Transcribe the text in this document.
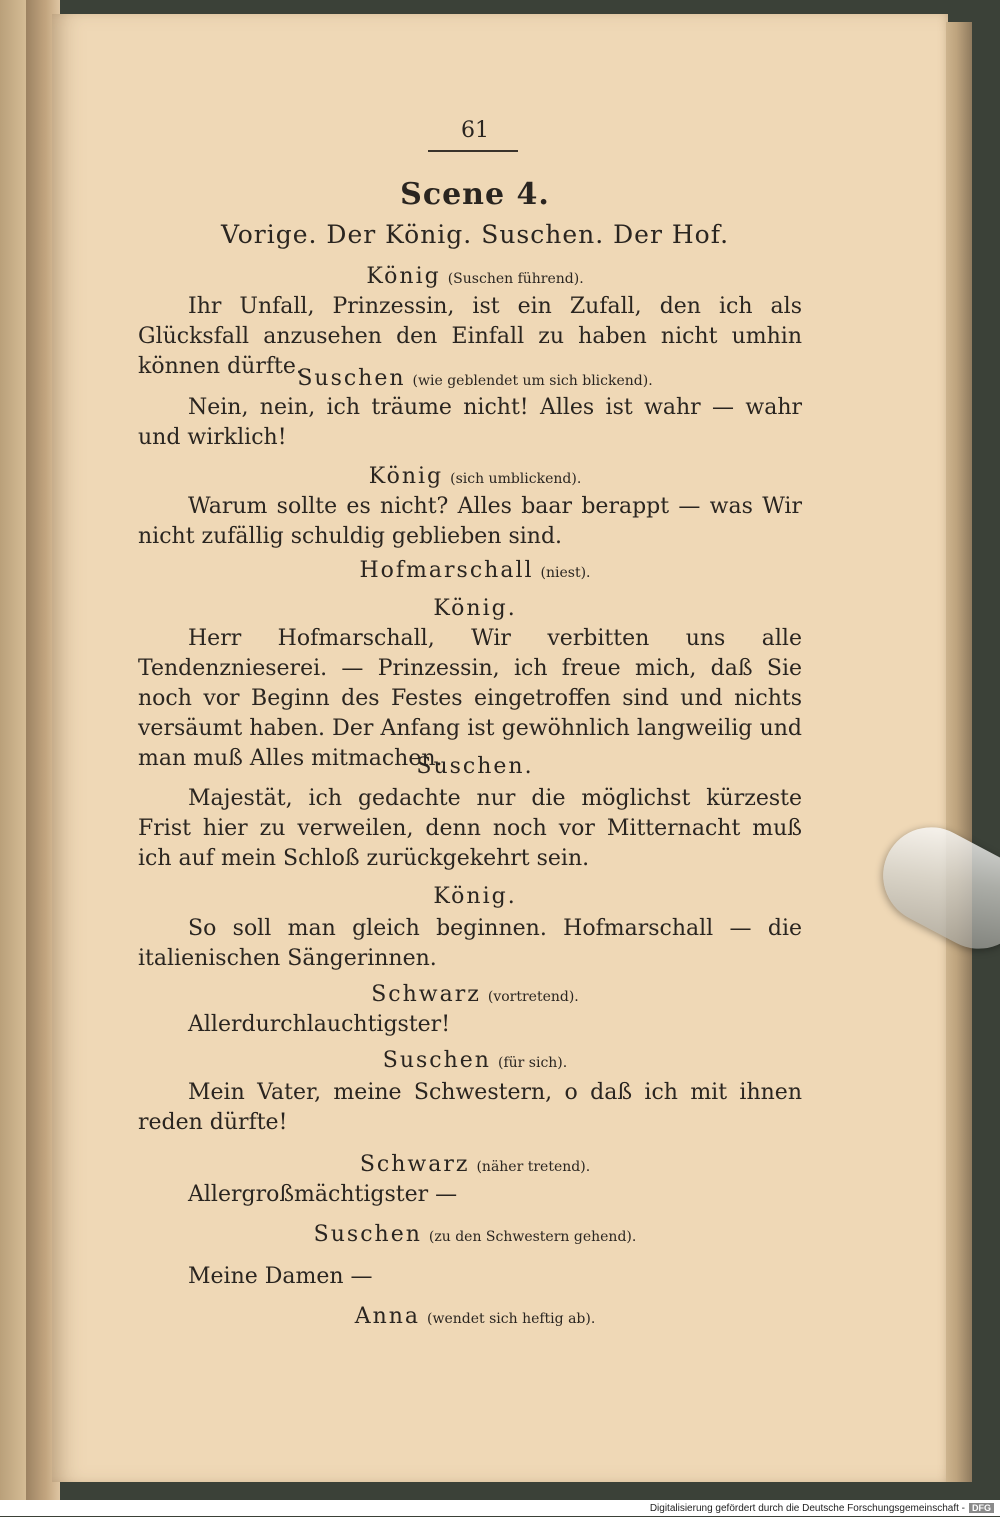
61
Scene 4.
Vorige. Der König. Suschen. Der Hof.
König (Suschen führend).
Ihr Unfall, Prinzessin, ist ein Zufall, den ich als Glücksfall anzusehen den Einfall zu haben nicht umhin können dürfte.
Suschen (wie geblendet um sich blickend).
Nein, nein, ich träume nicht! Alles ist wahr — wahr und wirklich!
König (sich umblickend).
Warum sollte es nicht? Alles baar berappt — was Wir nicht zufällig schuldig geblieben sind.
Hofmarschall (niest).
König.
Herr Hofmarschall, Wir verbitten uns alle Tendenznieserei. — Prinzessin, ich freue mich, daß Sie noch vor Beginn des Festes eingetroffen sind und nichts versäumt haben. Der Anfang ist gewöhnlich langweilig und man muß Alles mitmachen.
Suschen.
Majestät, ich gedachte nur die möglichst kürzeste Frist hier zu verweilen, denn noch vor Mitternacht muß ich auf mein Schloß zurückgekehrt sein.
König.
So soll man gleich beginnen. Hofmarschall — die italienischen Sängerinnen.
Schwarz (vortretend).
Allerdurchlauchtigster!
Suschen (für sich).
Mein Vater, meine Schwestern, o daß ich mit ihnen reden dürfte!
Schwarz (näher tretend).
Allergroßmächtigster —
Suschen (zu den Schwestern gehend).
Meine Damen —
Anna (wendet sich heftig ab).
Digitalisierung gefördert durch die Deutsche Forschungsgemeinschaft - DFG
